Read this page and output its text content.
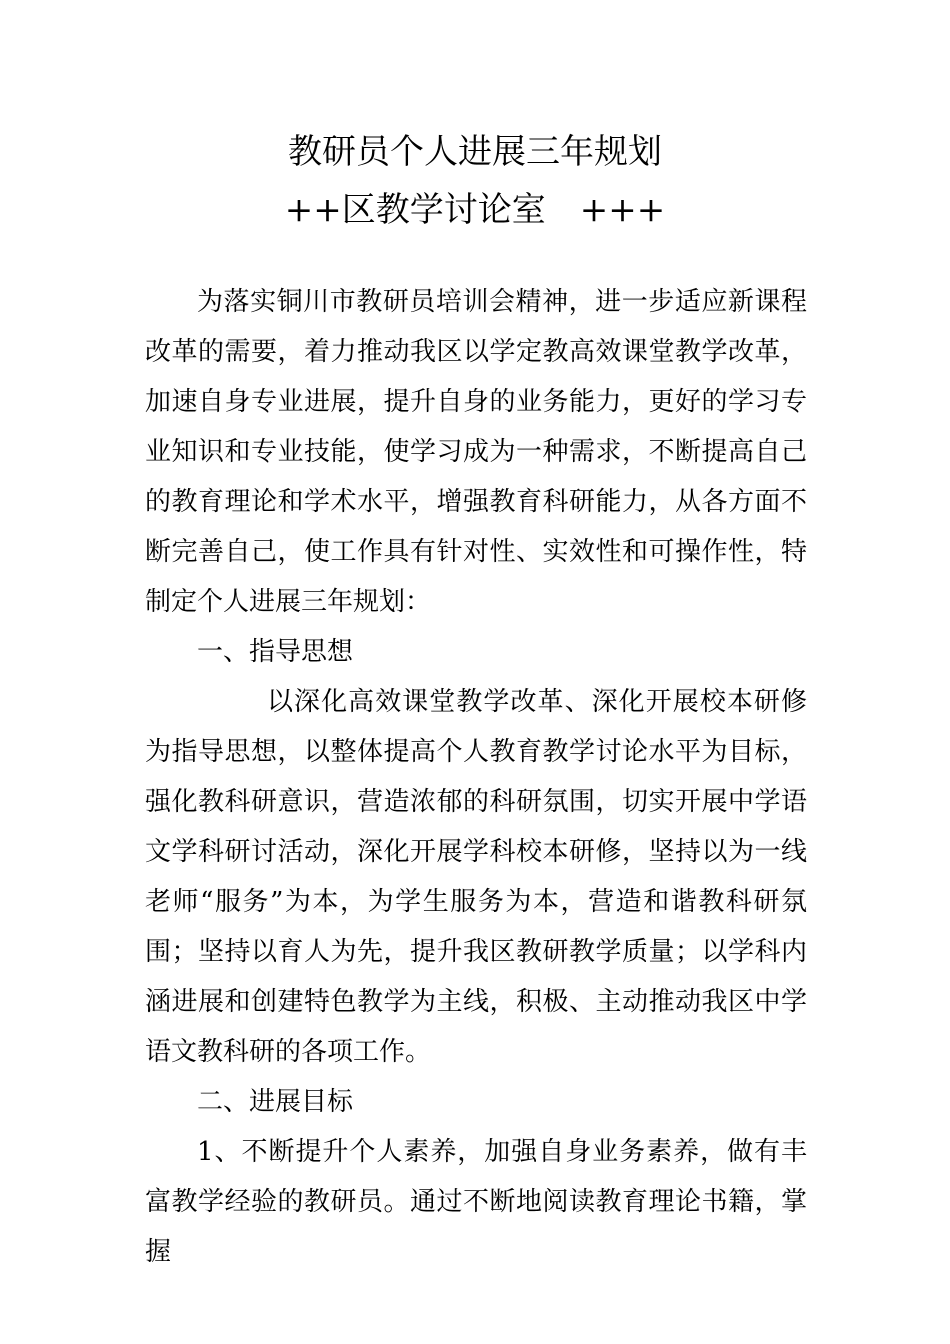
教研员个人进展三年规划
++区教学讨论室　+++

为落实铜川市教研员培训会精神，进一步适应新课程改革的需要，着力推动我区以学定教高效课堂教学改革，加速自身专业进展，提升自身的业务能力，更好的学习专业知识和专业技能，使学习成为一种需求，不断提高自己的教育理论和学术水平，增强教育科研能力，从各方面不断完善自己，使工作具有针对性、实效性和可操作性，特制定个人进展三年规划：

一、指导思想

以深化高效课堂教学改革、深化开展校本研修为指导思想，以整体提高个人教育教学讨论水平为目标，强化教科研意识，营造浓郁的科研氛围，切实开展中学语文学科研讨活动，深化开展学科校本研修，坚持以为一线老师“服务”为本，为学生服务为本，营造和谐教科研氛围；坚持以育人为先，提升我区教研教学质量；以学科内涵进展和创建特色教学为主线，积极、主动推动我区中学语文教科研的各项工作。

二、进展目标

1、不断提升个人素养，加强自身业务素养，做有丰富教学经验的教研员。通过不断地阅读教育理论书籍，掌握
